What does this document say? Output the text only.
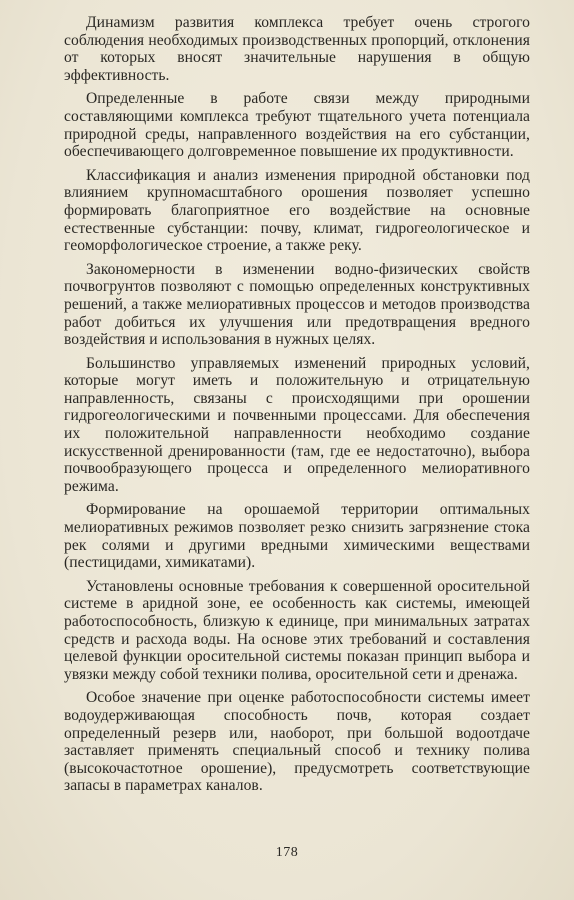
Динамизм развития комплекса требует очень строгого соблюдения необходимых производственных пропорций, отклонения от которых вносят значительные нарушения в общую эффективность.

Определенные в работе связи между природными составляющими комплекса требуют тщательного учета потенциала природной среды, направленного воздействия на его субстанции, обеспечивающего долговременное повышение их продуктивности.

Классификация и анализ изменения природной обстановки под влиянием крупномасштабного орошения позволяет успешно формировать благоприятное его воздействие на основные естественные субстанции: почву, климат, гидрогеологическое и геоморфологическое строение, а также реку.

Закономерности в изменении водно-физических свойств почвогрунтов позволяют с помощью определенных конструктивных решений, а также мелиоративных процессов и методов производства работ добиться их улучшения или предотвращения вредного воздействия и использования в нужных целях.

Большинство управляемых изменений природных условий, которые могут иметь и положительную и отрицательную направленность, связаны с происходящими при орошении гидрогеологическими и почвенными процессами. Для обеспечения их положительной направленности необходимо создание искусственной дренированности (там, где ее недостаточно), выбора почвообразующего процесса и определенного мелиоративного режима.

Формирование на орошаемой территории оптимальных мелиоративных режимов позволяет резко снизить загрязнение стока рек солями и другими вредными химическими веществами (пестицидами, химикатами).

Установлены основные требования к совершенной оросительной системе в аридной зоне, ее особенность как системы, имеющей работоспособность, близкую к единице, при минимальных затратах средств и расхода воды. На основе этих требований и составления целевой функции оросительной системы показан принцип выбора и увязки между собой техники полива, оросительной сети и дренажа.

Особое значение при оценке работоспособности системы имеет водоудерживающая способность почв, которая создает определенный резерв или, наоборот, при большой водоотдаче заставляет применять специальный способ и технику полива (высокочастотное орошение), предусмотреть соответствующие запасы в параметрах каналов.

178
